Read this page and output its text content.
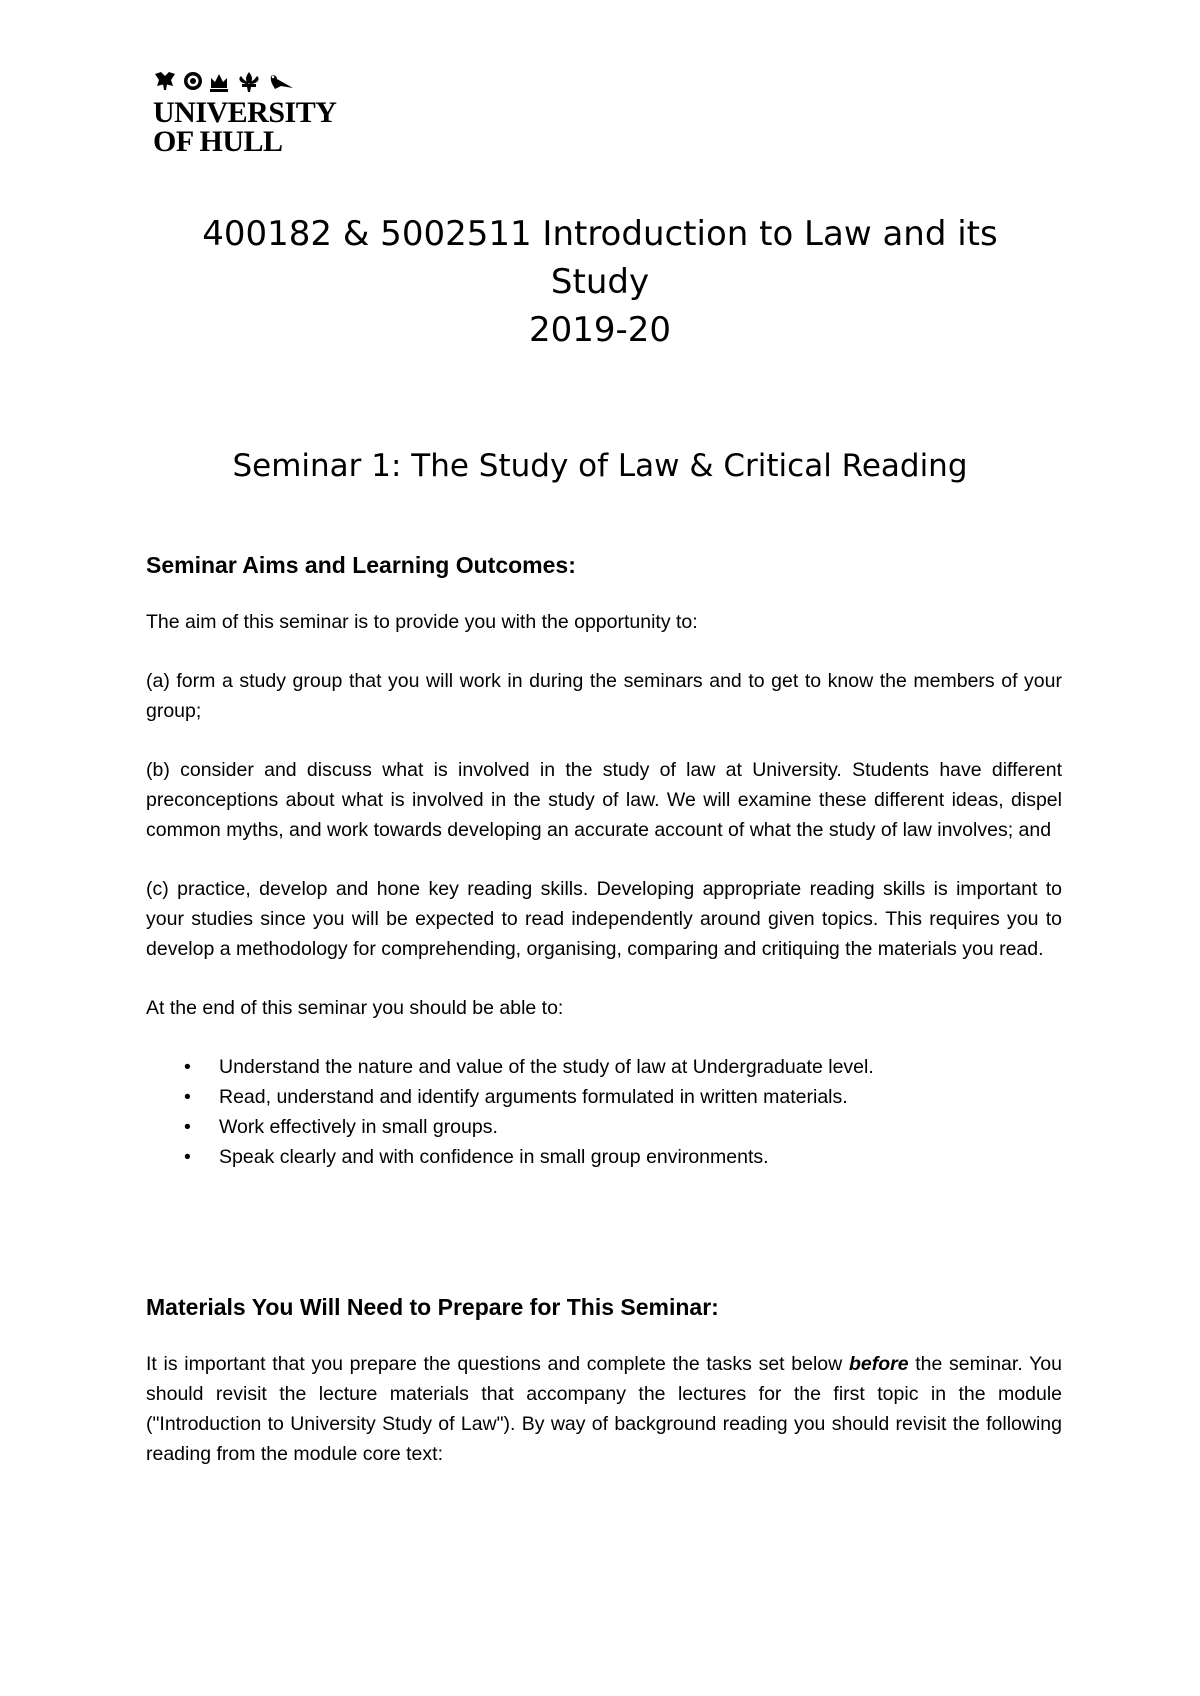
UNIVERSITY
OF HULL
400182 & 5002511 Introduction to Law and its
Study
2019-20
Seminar 1: The Study of Law & Critical Reading
Seminar Aims and Learning Outcomes:

The aim of this seminar is to provide you with the opportunity to:

(a) form a study group that you will work in during the seminars and to get to know the members of your group;

(b) consider and discuss what is involved in the study of law at University. Students have different preconceptions about what is involved in the study of law. We will examine these different ideas, dispel common myths, and work towards developing an accurate account of what the study of law involves; and

(c) practice, develop and hone key reading skills. Developing appropriate reading skills is important to your studies since you will be expected to read independently around given topics. This requires you to develop a methodology for comprehending, organising, comparing and critiquing the materials you read.

At the end of this seminar you should be able to:

• Understand the nature and value of the study of law at Undergraduate level.
• Read, understand and identify arguments formulated in written materials.
• Work effectively in small groups.
• Speak clearly and with confidence in small group environments.
Materials You Will Need to Prepare for This Seminar:

It is important that you prepare the questions and complete the tasks set below before the seminar. You should revisit the lecture materials that accompany the lectures for the first topic in the module ("Introduction to University Study of Law"). By way of background reading you should revisit the following reading from the module core text:
